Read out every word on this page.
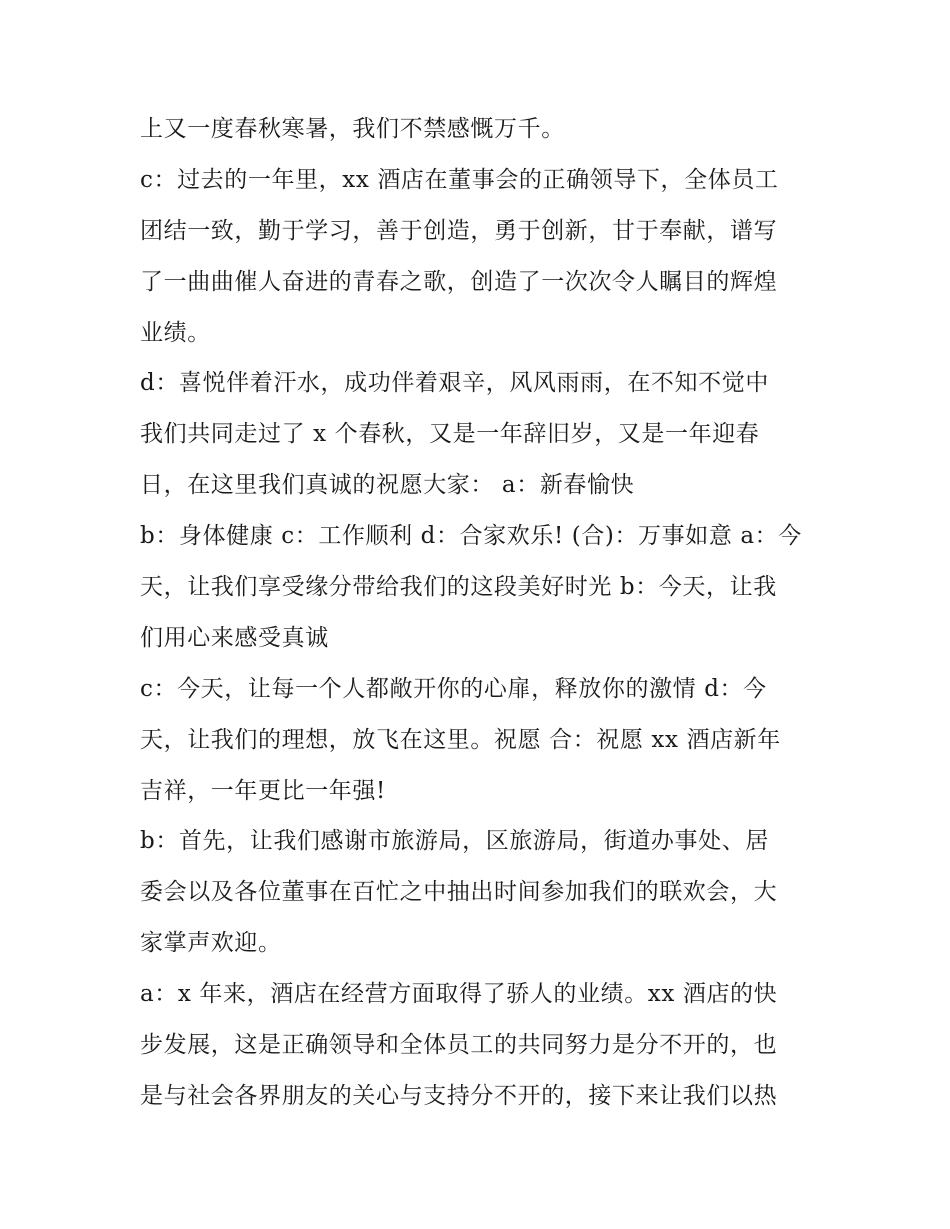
上又一度春秋寒暑，我们不禁感慨万千。
c：过去的一年里，xx 酒店在董事会的正确领导下，全体员工
团结一致，勤于学习，善于创造，勇于创新，甘于奉献，谱写
了一曲曲催人奋进的青春之歌，创造了一次次令人瞩目的辉煌
业绩。
d：喜悦伴着汗水，成功伴着艰辛，风风雨雨，在不知不觉中
我们共同走过了 x 个春秋，又是一年辞旧岁，又是一年迎春
日，在这里我们真诚的祝愿大家： a：新春愉快
b：身体健康 c：工作顺利 d：合家欢乐! (合)：万事如意 a：今
天，让我们享受缘分带给我们的这段美好时光 b：今天，让我
们用心来感受真诚
c：今天，让每一个人都敞开你的心扉，释放你的激情 d：今
天，让我们的理想，放飞在这里。祝愿 合：祝愿 xx 酒店新年
吉祥，一年更比一年强!
b：首先，让我们感谢市旅游局，区旅游局，街道办事处、居
委会以及各位董事在百忙之中抽出时间参加我们的联欢会，大
家掌声欢迎。
a：x 年来，酒店在经营方面取得了骄人的业绩。xx 酒店的快
步发展，这是正确领导和全体员工的共同努力是分不开的，也
是与社会各界朋友的关心与支持分不开的，接下来让我们以热
